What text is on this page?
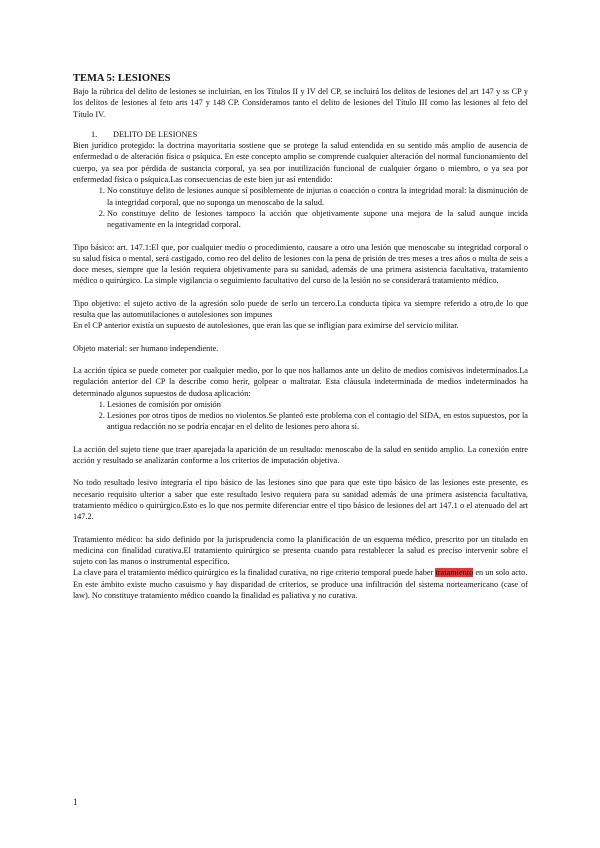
TEMA 5: LESIONES

Bajo la rúbrica del delito de lesiones se incluirían, en los Títulos II y IV del CP, se incluirá los delitos de lesiones del art 147 y ss CP y los delitos de lesiones al feto arts 147 y 148 CP. Consideramos tanto el delito de lesiones del Título III como las lesiones al feto del Título IV.

1. DELITO DE LESIONES

Bien jurídico protegido: la doctrina mayoritaria sostiene que se protege la salud entendida en su sentido más amplio de ausencia de enfermedad o de alteración física o psíquica. En este concepto amplio se comprende cualquier alteración del normal funcionamiento del cuerpo, ya sea por pérdida de sustancia corporal, ya sea por inutilización funcional de cualquier órgano o miembro, o ya sea por enfermedad física o psíquica.Las consecuencias de este bien jur así entendido:

1. No constituye delito de lesiones aunque sí posiblemente de injurias o coacción o contra la integridad moral: la disminución de la integridad corporal, que no suponga un menoscabo de la salud.
2. No constituye delito de lesiones tampoco la acción que objetivamente supone una mejora de la salud aunque incida negativamente en la integridad corporal.

Tipo básico: art. 147.1:El que, por cualquier medio o procedimiento, causare a otro una lesión que menoscabe su integridad corporal o su salud física o mental, será castigado, como reo del delito de lesiones con la pena de prisión de tres meses a tres años o multa de seis a doce meses, siempre que la lesión requiera objetivamente para su sanidad, además de una primera asistencia facultativa, tratamiento médico o quirúrgico. La simple vigilancia o seguimiento facultativo del curso de la lesión no se considerará tratamiento médico.

Tipo objetivo: el sujeto activo de la agresión solo puede de serlo un tercero.La conducta típica va siempre referido a otro,de lo que resulta que las automutilaciones o autolesiones son impunes

En el CP anterior existía un supuesto de autolesiones, que eran las que se infligían para eximirse del servicio militar.

Objeto material: ser humano independiente.

La acción típica se puede cometer por cualquier medio, por lo que nos hallamos ante un delito de medios comisivos indeterminados.La regulación anterior del CP la describe como herir, golpear o maltratar. Esta cláusula indeterminada de medios indeterminados ha determinado algunos supuestos de dudosa aplicación:

1. Lesiones de comisión por omisión
2. Lesiones por otros tipos de medios no violentos.Se planteó este problema con el contagio del SIDA, en estos supuestos, por la antigua redacción no se podría encajar en el delito de lesiones pero ahora sí.

La acción del sujeto tiene que traer aparejada la aparición de un resultado: menoscabo de la salud en sentido amplio. La conexión entre acción y resultado se analizarán conforme a los criterios de imputación objetiva.

No todo resultado lesivo integraría el tipo básico de las lesiones sino que para que este tipo básico de las lesiones este presente, es necesario requisito ulterior a saber que este resultado lesivo requiera para su sanidad además de una primera asistencia facultativa, tratamiento médico o quirúrgico.Esto es lo que nos permite diferenciar entre el tipo básico de lesiones del art 147.1 o el atenuado del art 147.2.

Tratamiento médico: ha sido definido por la jurisprudencia como la planificación de un esquema médico, prescrito por un titulado en medicina con finalidad curativa.El tratamiento quirúrgico se presenta cuando para restablecer la salud es preciso intervenir sobre el sujeto con las manos o instrumental específico.

La clave para el tratamiento médico quirúrgico es la finalidad curativa, no rige criterio temporal puede haber tratamiento en un solo acto.

En este ámbito existe mucho casuismo y hay disparidad de criterios, se produce una infiltración del sistema norteamericano (case of law). No constituye tratamiento médico cuando la finalidad es paliativa y no curativa.

1
